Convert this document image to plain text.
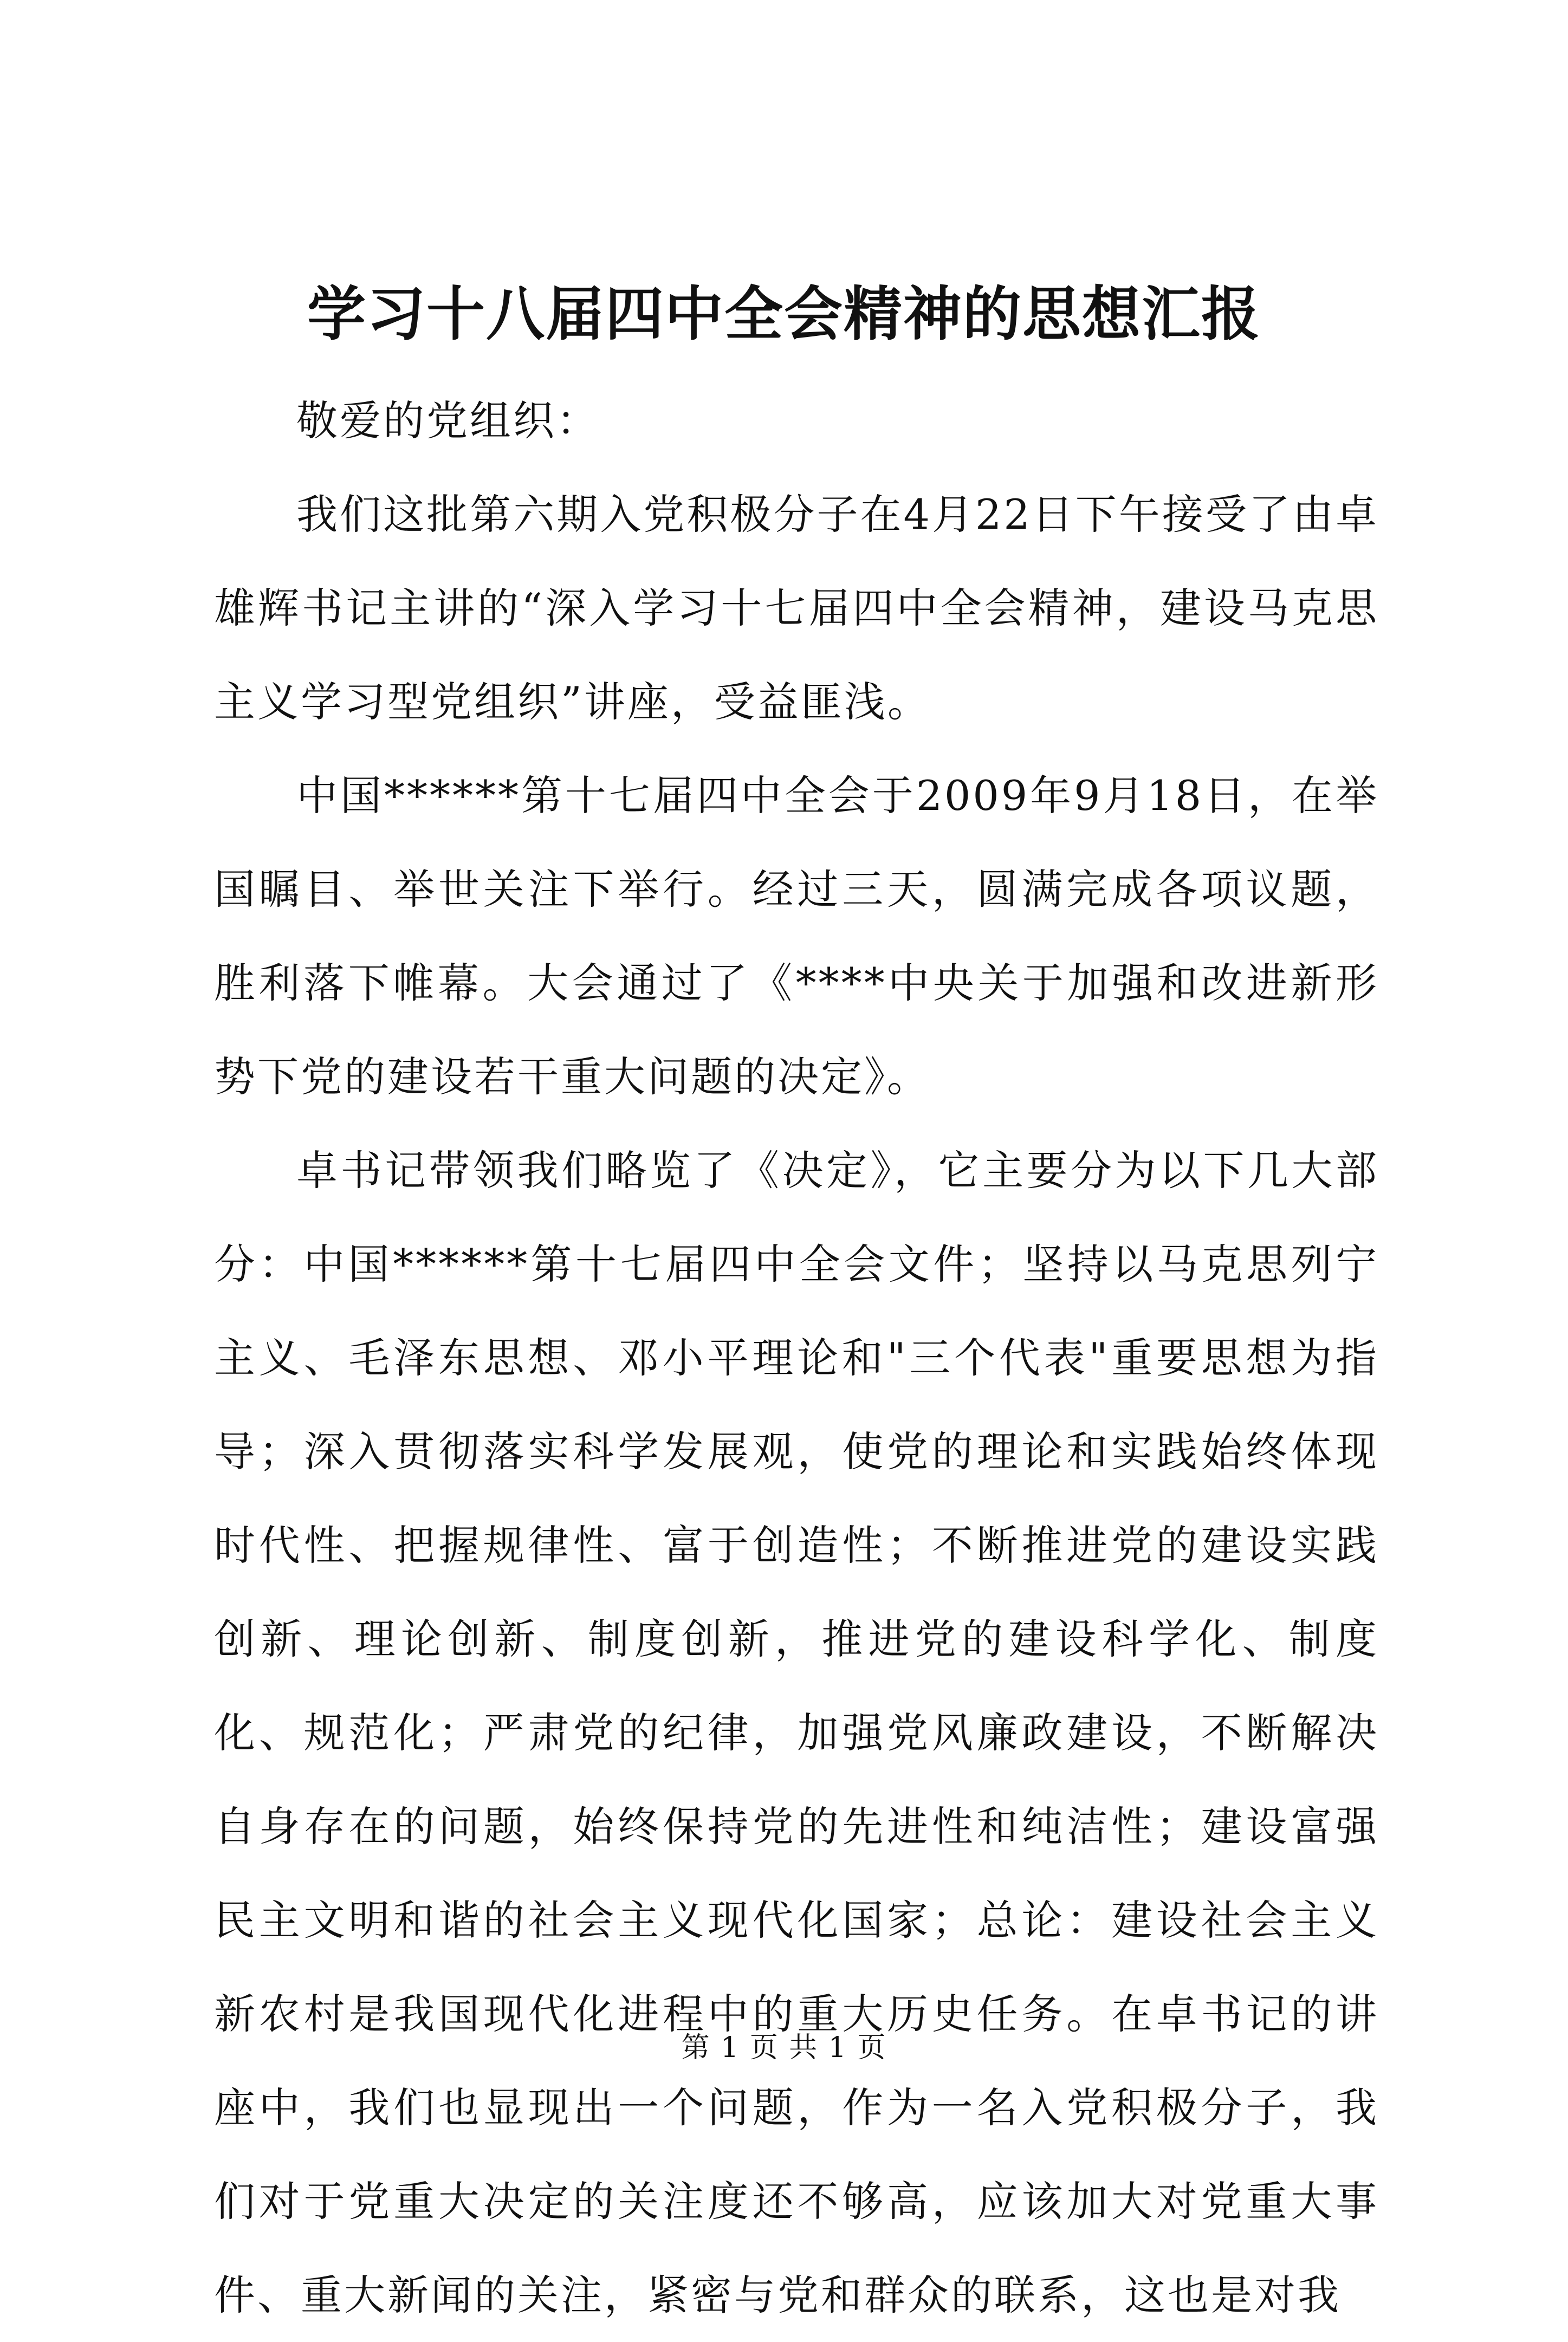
学习十八届四中全会精神的思想汇报

敬爱的党组织：

我们这批第六期入党积极分子在4月22日下午接受了由卓雄辉书记主讲的“深入学习十七届四中全会精神，建设马克思主义学习型党组织”讲座，受益匪浅。

中国******第十七届四中全会于2009年9月18日，在举国瞩目、举世关注下举行。经过三天，圆满完成各项议题，胜利落下帷幕。大会通过了《****中央关于加强和改进新形势下党的建设若干重大问题的决定》。

卓书记带领我们略览了《决定》，它主要分为以下几大部分：中国******第十七届四中全会文件；坚持以马克思列宁主义、毛泽东思想、邓小平理论和"三个代表"重要思想为指导；深入贯彻落实科学发展观，使党的理论和实践始终体现时代性、把握规律性、富于创造性；不断推进党的建设实践创新、理论创新、制度创新，推进党的建设科学化、制度化、规范化；严肃党的纪律，加强党风廉政建设，不断解决自身存在的问题，始终保持党的先进性和纯洁性；建设富强民主文明和谐的社会主义现代化国家；总论：建设社会主义新农村是我国现代化进程中的重大历史任务。在卓书记的讲座中，我们也显现出一个问题，作为一名入党积极分子，我们对于党重大决定的关注度还不够高，应该加大对党重大事件、重大新闻的关注，紧密与党和群众的联系，这也是对我

第 1 页 共 1 页
